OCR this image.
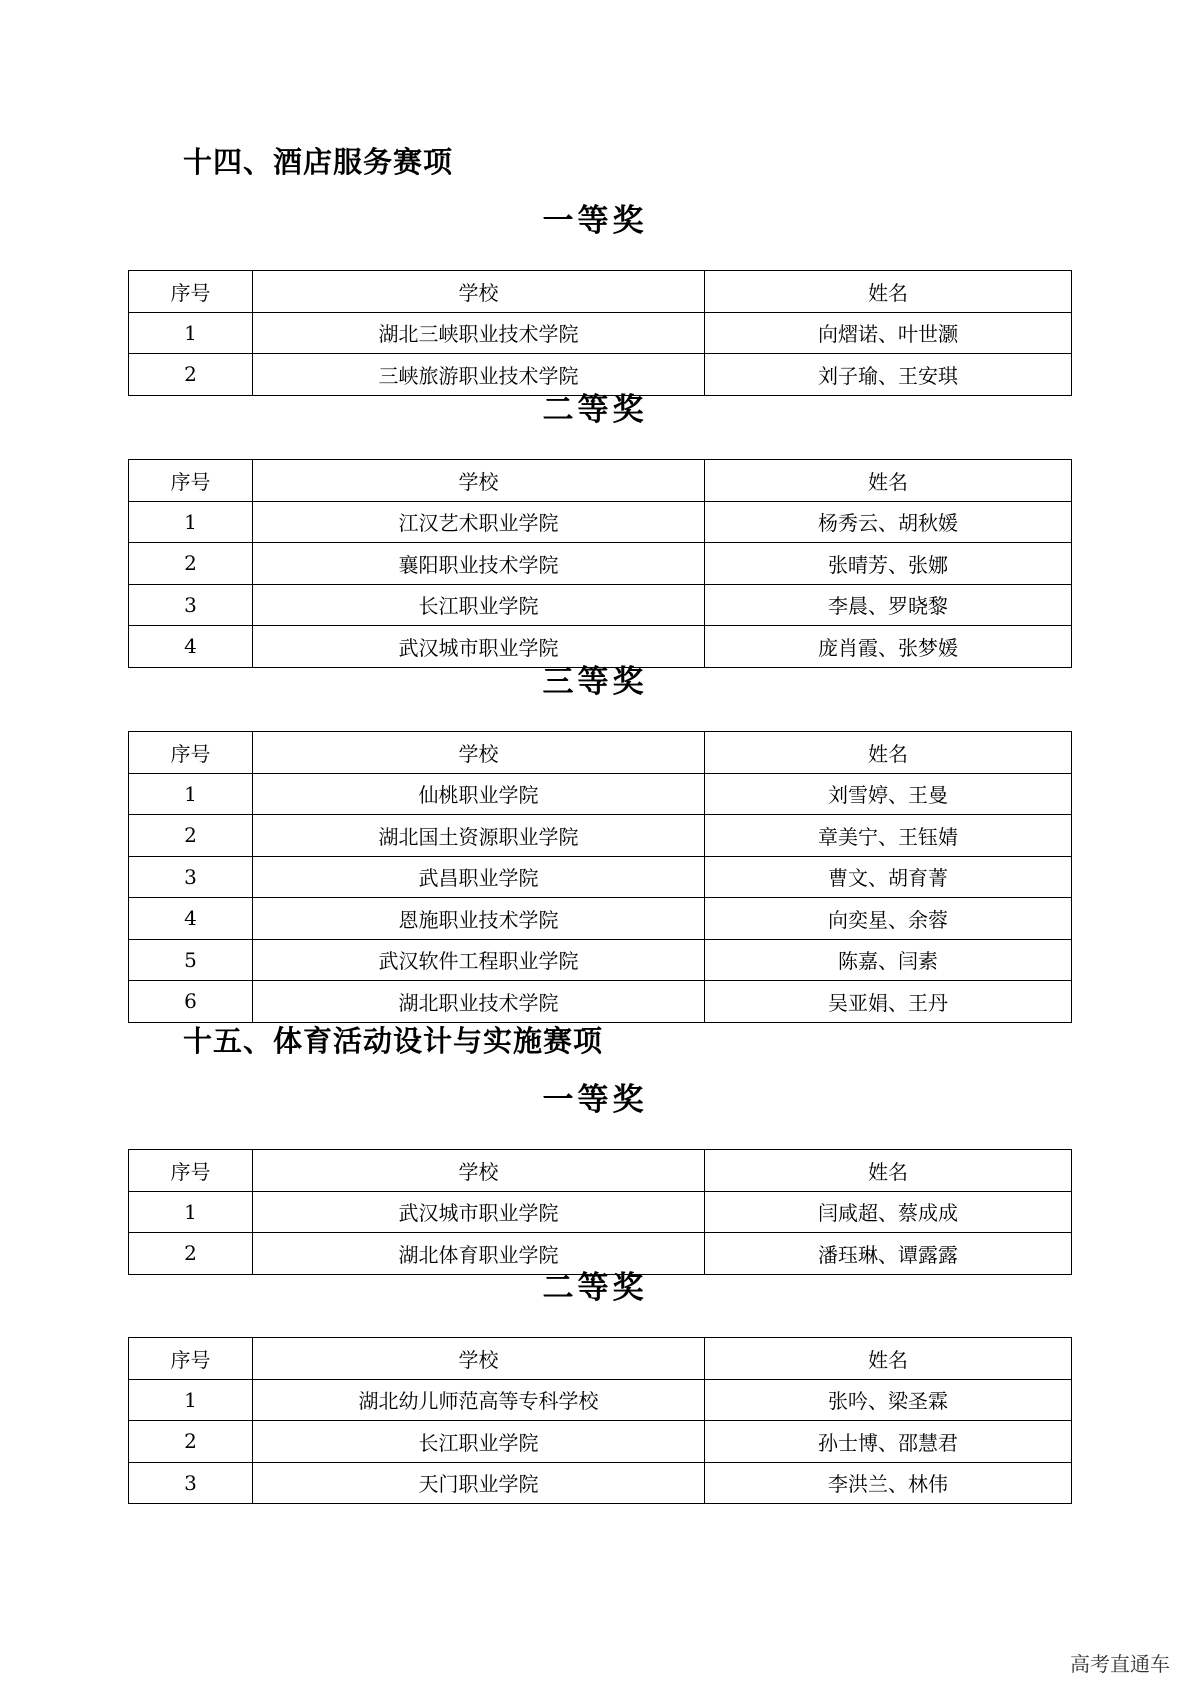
十四、酒店服务赛项
一等奖
序号	学校	姓名
1	湖北三峡职业技术学院	向熠诺、叶世灏
2	三峡旅游职业技术学院	刘子瑜、王安琪
二等奖
序号	学校	姓名
1	江汉艺术职业学院	杨秀云、胡秋媛
2	襄阳职业技术学院	张晴芳、张娜
3	长江职业学院	李晨、罗晓黎
4	武汉城市职业学院	庞肖霞、张梦媛
三等奖
序号	学校	姓名
1	仙桃职业学院	刘雪婷、王曼
2	湖北国土资源职业学院	章美宁、王钰婧
3	武昌职业学院	曹文、胡育菁
4	恩施职业技术学院	向奕星、余蓉
5	武汉软件工程职业学院	陈嘉、闫素
6	湖北职业技术学院	吴亚娟、王丹
十五、体育活动设计与实施赛项
一等奖
序号	学校	姓名
1	武汉城市职业学院	闫咸超、蔡成成
2	湖北体育职业学院	潘珏琳、谭露露
二等奖
序号	学校	姓名
1	湖北幼儿师范高等专科学校	张吟、梁圣霖
2	长江职业学院	孙士博、邵慧君
3	天门职业学院	李洪兰、林伟
高考直通车
